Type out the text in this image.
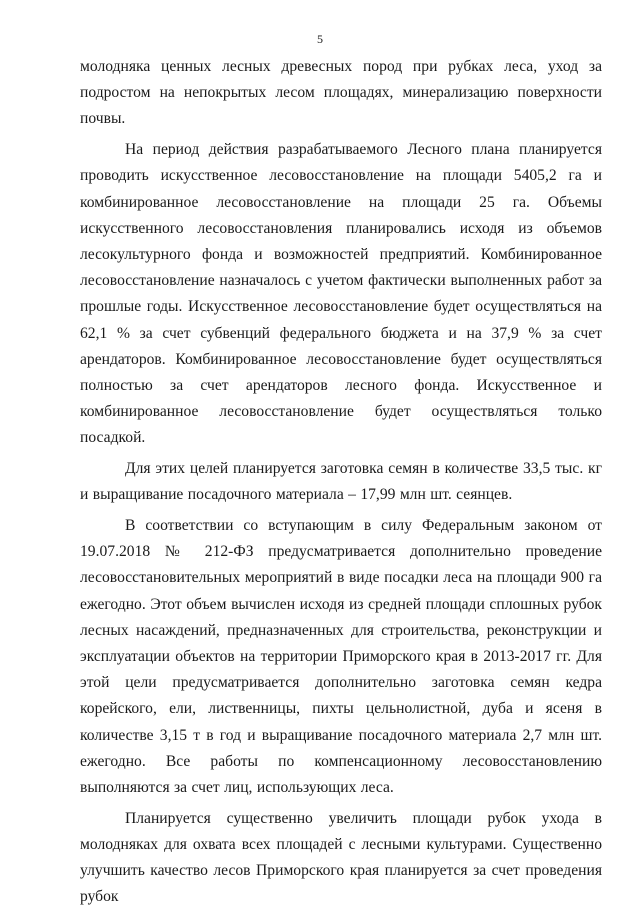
5

молодняка ценных лесных древесных пород при рубках леса, уход за подростом на непокрытых лесом площадях, минерализацию поверхности почвы.

На период действия разрабатываемого Лесного плана планируется проводить искусственное лесовосстановление на площади 5405,2 га и комбинированное лесовосстановление на площади 25 га. Объемы искусственного лесовосстановления планировались исходя из объемов лесокультурного фонда и возможностей предприятий. Комбинированное лесовосстановление назначалось с учетом фактически выполненных работ за прошлые годы. Искусственное лесовосстановление будет осуществляться на 62,1 % за счет субвенций федерального бюджета и на 37,9 % за счет арендаторов. Комбинированное лесовосстановление будет осуществляться полностью за счет арендаторов лесного фонда. Искусственное и комбинированное лесовосстановление будет осуществляться только посадкой.

Для этих целей планируется заготовка семян в количестве 33,5 тыс. кг и выращивание посадочного материала – 17,99 млн шт. сеянцев.

В соответствии со вступающим в силу Федеральным законом от 19.07.2018 № 212-ФЗ предусматривается дополнительно проведение лесовосстановительных мероприятий в виде посадки леса на площади 900 га ежегодно. Этот объем вычислен исходя из средней площади сплошных рубок лесных насаждений, предназначенных для строительства, реконструкции и эксплуатации объектов на территории Приморского края в 2013-2017 гг. Для этой цели предусматривается дополнительно заготовка семян кедра корейского, ели, лиственницы, пихты цельнолистной, дуба и ясеня в количестве 3,15 т в год и выращивание посадочного материала 2,7 млн шт. ежегодно. Все работы по компенсационному лесовосстановлению выполняются за счет лиц, использующих леса.

Планируется существенно увеличить площади рубок ухода в молодняках для охвата всех площадей с лесными культурами. Существенно улучшить качество лесов Приморского края планируется за счет проведения рубок
